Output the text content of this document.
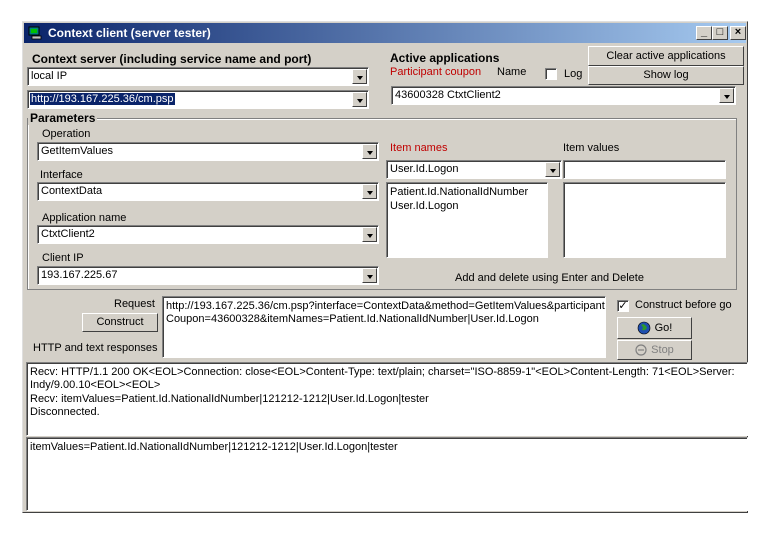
Context client (server tester)	_ □	×
Context server (including service name and port)
local IP
http://193.167.225.36/cm.psp
Active applications
Participant coupon Name	Log
Clear active applications
Show log
43600328 CtxtClient2
Parameters
Operation
GetItemValues
Interface
ContextData
Application name
CtxtClient2
Client IP
193.167.225.67
Item names	Item values
User.Id.Logon
Patient.Id.NationalIdNumber
User.Id.Logon
Add and delete using Enter and Delete
Request
Construct
HTTP and text responses
http://193.167.225.36/cm.psp?interface=ContextData&method=GetItemValues&participant
Coupon=43600328&itemNames=Patient.Id.NationalIdNumber|User.Id.Logon
✓ Construct before go
Go!
Stop
Recv: HTTP/1.1 200 OK<EOL>Connection: close<EOL>Content-Type: text/plain; charset="ISO-8859-1"<EOL>Content-Length: 71<EOL>Server:
Indy/9.00.10<EOL><EOL>
Recv: itemValues=Patient.Id.NationalIdNumber|121212-1212|User.Id.Logon|tester
Disconnected.
itemValues=Patient.Id.NationalIdNumber|121212-1212|User.Id.Logon|tester
